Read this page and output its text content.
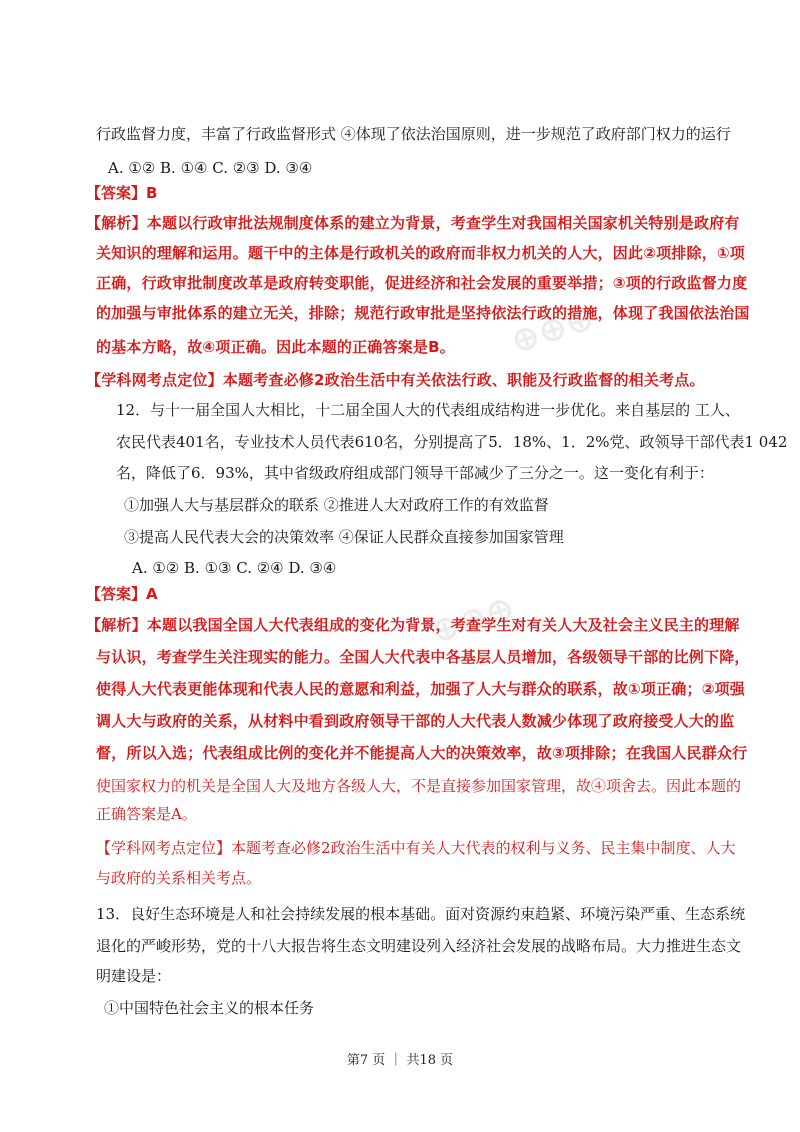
⊕⊕⊕
⊕⊕⊕
行政监督力度，丰富了行政监督形式 ④体现了依法治国原则，进一步规范了政府部门权力的运行
A. ①② B. ①④ C. ②③ D. ③④
【答案】B
【解析】本题以行政审批法规制度体系的建立为背景，考查学生对我国相关国家机关特别是政府有
关知识的理解和运用。题干中的主体是行政机关的政府而非权力机关的人大，因此②项排除，①项
正确，行政审批制度改革是政府转变职能，促进经济和社会发展的重要举措；③项的行政监督力度
的加强与审批体系的建立无关，排除；规范行政审批是坚持依法行政的措施，体现了我国依法治国
的基本方略，故④项正确。因此本题的正确答案是B。
【学科网考点定位】本题考查必修2政治生活中有关依法行政、职能及行政监督的相关考点。
12．与十一届全国人大相比，十二届全国人大的代表组成结构进一步优化。来自基层的 工人、
农民代表401名，专业技术人员代表610名，分别提高了5．18%、1．2%党、政领导干部代表1 042
名，降低了6．93%，其中省级政府组成部门领导干部减少了三分之一。这一变化有利于：
①加强人大与基层群众的联系 ②推进人大对政府工作的有效监督
③提高人民代表大会的决策效率 ④保证人民群众直接参加国家管理
A. ①② B. ①③ C. ②④ D. ③④
【答案】A
【解析】本题以我国全国人大代表组成的变化为背景，考查学生对有关人大及社会主义民主的理解
与认识，考查学生关注现实的能力。全国人大代表中各基层人员增加，各级领导干部的比例下降，
使得人大代表更能体现和代表人民的意愿和利益，加强了人大与群众的联系，故①项正确；②项强
调人大与政府的关系，从材料中看到政府领导干部的人大代表人数减少体现了政府接受人大的监
督，所以入选；代表组成比例的变化并不能提高人大的决策效率，故③项排除；在我国人民群众行
使国家权力的机关是全国人大及地方各级人大，不是直接参加国家管理，故④项舍去。因此本题的
正确答案是A。
【学科网考点定位】本题考查必修2政治生活中有关人大代表的权利与义务、民主集中制度、人大
与政府的关系相关考点。
13．良好生态环境是人和社会持续发展的根本基础。面对资源约束趋紧、环境污染严重、生态系统
退化的严峻形势，党的十八大报告将生态文明建设列入经济社会发展的战略布局。大力推进生态文
明建设是：
①中国特色社会主义的根本任务
第7 页 ｜ 共18 页
